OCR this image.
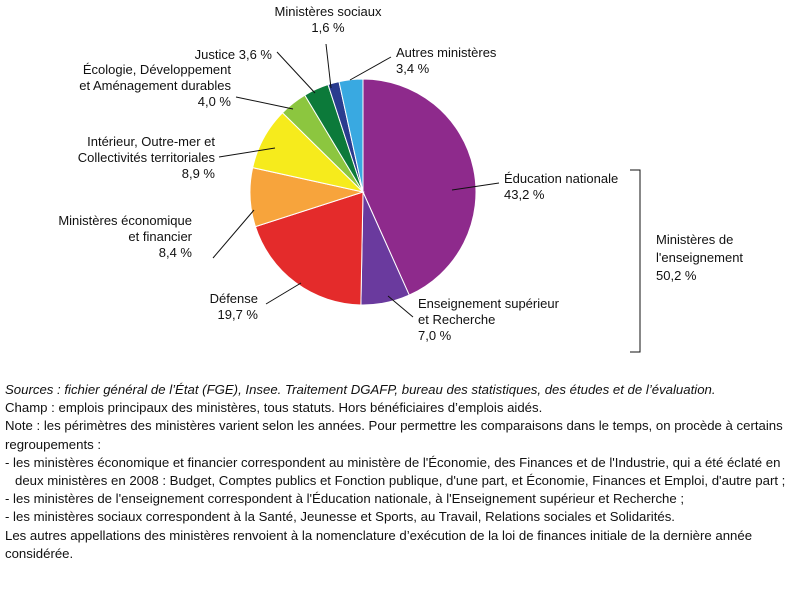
Éducation nationale
43,2 %
Enseignement supérieur
et Recherche
7,0 %
Défense
19,7 %
Ministères économique
et financier
8,4 %
Intérieur, Outre-mer et
Collectivités territoriales
8,9 %
Écologie, Développement
et Aménagement durables
4,0 %
Justice 3,6 %
Ministères sociaux
1,6 %
Autres ministères
3,4 %
Ministères de
l'enseignement
50,2 %

Sources : fichier général de l’État (FGE), Insee. Traitement DGAFP, bureau des statistiques, des études et de l’évaluation.

Champ : emplois principaux des ministères, tous statuts. Hors bénéficiaires d’emplois aidés.

Note : les périmètres des ministères varient selon les années. Pour permettre les comparaisons dans le temps, on procède à certains regroupements :

- les ministères économique et financier correspondent au ministère de l'Économie, des Finances et de l'Industrie, qui a été éclaté en deux ministères en 2008 : Budget, Comptes publics et Fonction publique, d'une part, et Économie, Finances et Emploi, d'autre part ;

- les ministères de l'enseignement correspondent à l'Éducation nationale, à l'Enseignement supérieur et Recherche ;

- les ministères sociaux correspondent à la Santé, Jeunesse et Sports, au Travail, Relations sociales et Solidarités.

Les autres appellations des ministères renvoient à la nomenclature d’exécution de la loi de finances initiale de la dernière année considérée.
